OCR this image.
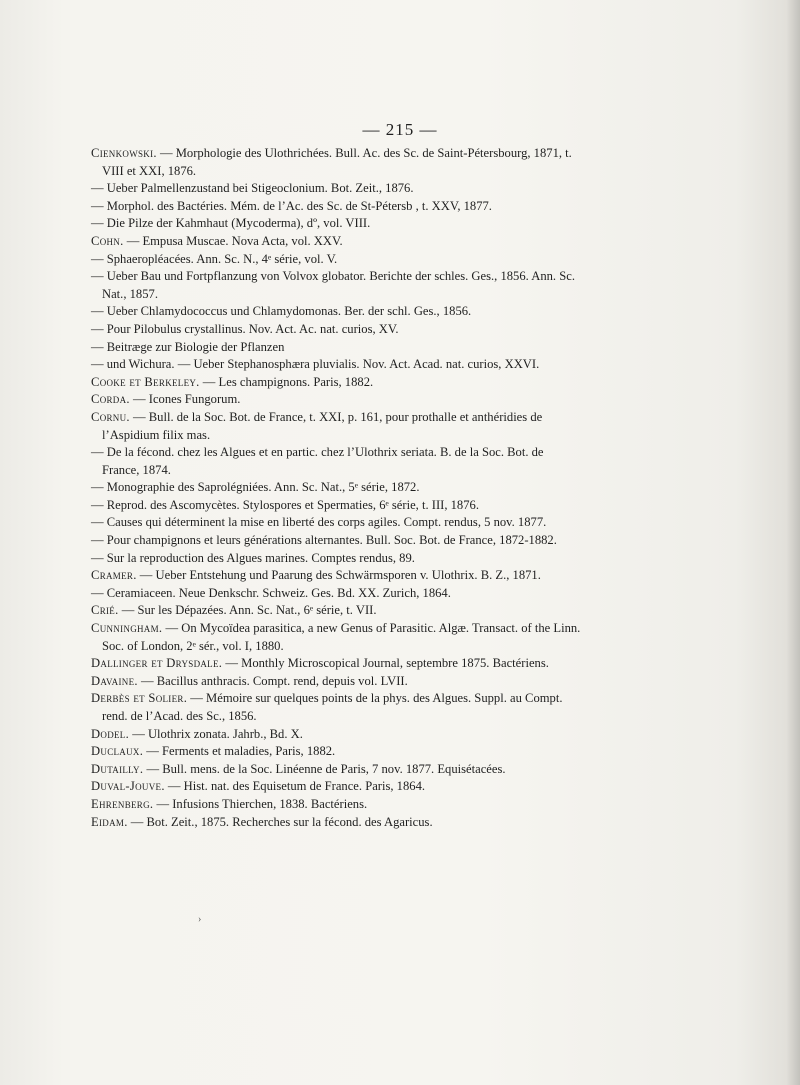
— 215 —

Cienkowski. — Morphologie des Ulothrichées. Bull. Ac. des Sc. de Saint-Pétersbourg, 1871, t. VIII et XXI, 1876.

— Ueber Palmellenzustand bei Stigeoclonium. Bot. Zeit., 1876.

— Morphol. des Bactéries. Mém. de l’Ac. des Sc. de St-Pétersb , t. XXV, 1877.

— Die Pilze der Kahmhaut (Mycoderma), dº, vol. VIII.

Cohn. — Empusa Muscae. Nova Acta, vol. XXV.

— Sphaeropléacées. Ann. Sc. N., 4ᵉ série, vol. V.

— Ueber Bau und Fortpflanzung von Volvox globator. Berichte der schles. Ges., 1856. Ann. Sc. Nat., 1857.

— Ueber Chlamydococcus und Chlamydomonas. Ber. der schl. Ges., 1856.

— Pour Pilobulus crystallinus. Nov. Act. Ac. nat. curios, XV.

— Beitræge zur Biologie der Pflanzen

— und Wichura. — Ueber Stephanosphæra pluvialis. Nov. Act. Acad. nat. curios, XXVI.

Cooke et Berkeley. — Les champignons. Paris, 1882.

Corda. — Icones Fungorum.

Cornu. — Bull. de la Soc. Bot. de France, t. XXI, p. 161, pour prothalle et anthéridies de l’Aspidium filix mas.

— De la fécond. chez les Algues et en partic. chez l’Ulothrix seriata. B. de la Soc. Bot. de France, 1874.

— Monographie des Saprolégniées. Ann. Sc. Nat., 5ᵉ série, 1872.

— Reprod. des Ascomycètes. Stylospores et Spermaties, 6ᵉ série, t. III, 1876.

— Causes qui déterminent la mise en liberté des corps agiles. Compt. rendus, 5 nov. 1877.

— Pour champignons et leurs générations alternantes. Bull. Soc. Bot. de France, 1872-1882.

— Sur la reproduction des Algues marines. Comptes rendus, 89.

Cramer. — Ueber Entstehung und Paarung des Schwärmsporen v. Ulothrix. B. Z., 1871.

— Ceramiaceen. Neue Denkschr. Schweiz. Ges. Bd. XX. Zurich, 1864.

Crié. — Sur les Dépazées. Ann. Sc. Nat., 6ᵉ série, t. VII.

Cunningham. — On Mycoïdea parasitica, a new Genus of Parasitic. Algæ. Transact. of the Linn. Soc. of London, 2ᵉ sér., vol. I, 1880.

Dallinger et Drysdale. — Monthly Microscopical Journal, septembre 1875. Bactériens.

Davaine. — Bacillus anthracis. Compt. rend, depuis vol. LVII.

Derbès et Solier. — Mémoire sur quelques points de la phys. des Algues. Suppl. au Compt. rend. de l’Acad. des Sc., 1856.

Dodel. — Ulothrix zonata. Jahrb., Bd. X.

Duclaux. — Ferments et maladies, Paris, 1882.

Dutailly. — Bull. mens. de la Soc. Linéenne de Paris, 7 nov. 1877. Equisétacées.

Duval-Jouve. — Hist. nat. des Equisetum de France. Paris, 1864.

Ehrenberg. — Infusions Thierchen, 1838. Bactériens.

Eidam. — Bot. Zeit., 1875. Recherches sur la fécond. des Agaricus.

›
